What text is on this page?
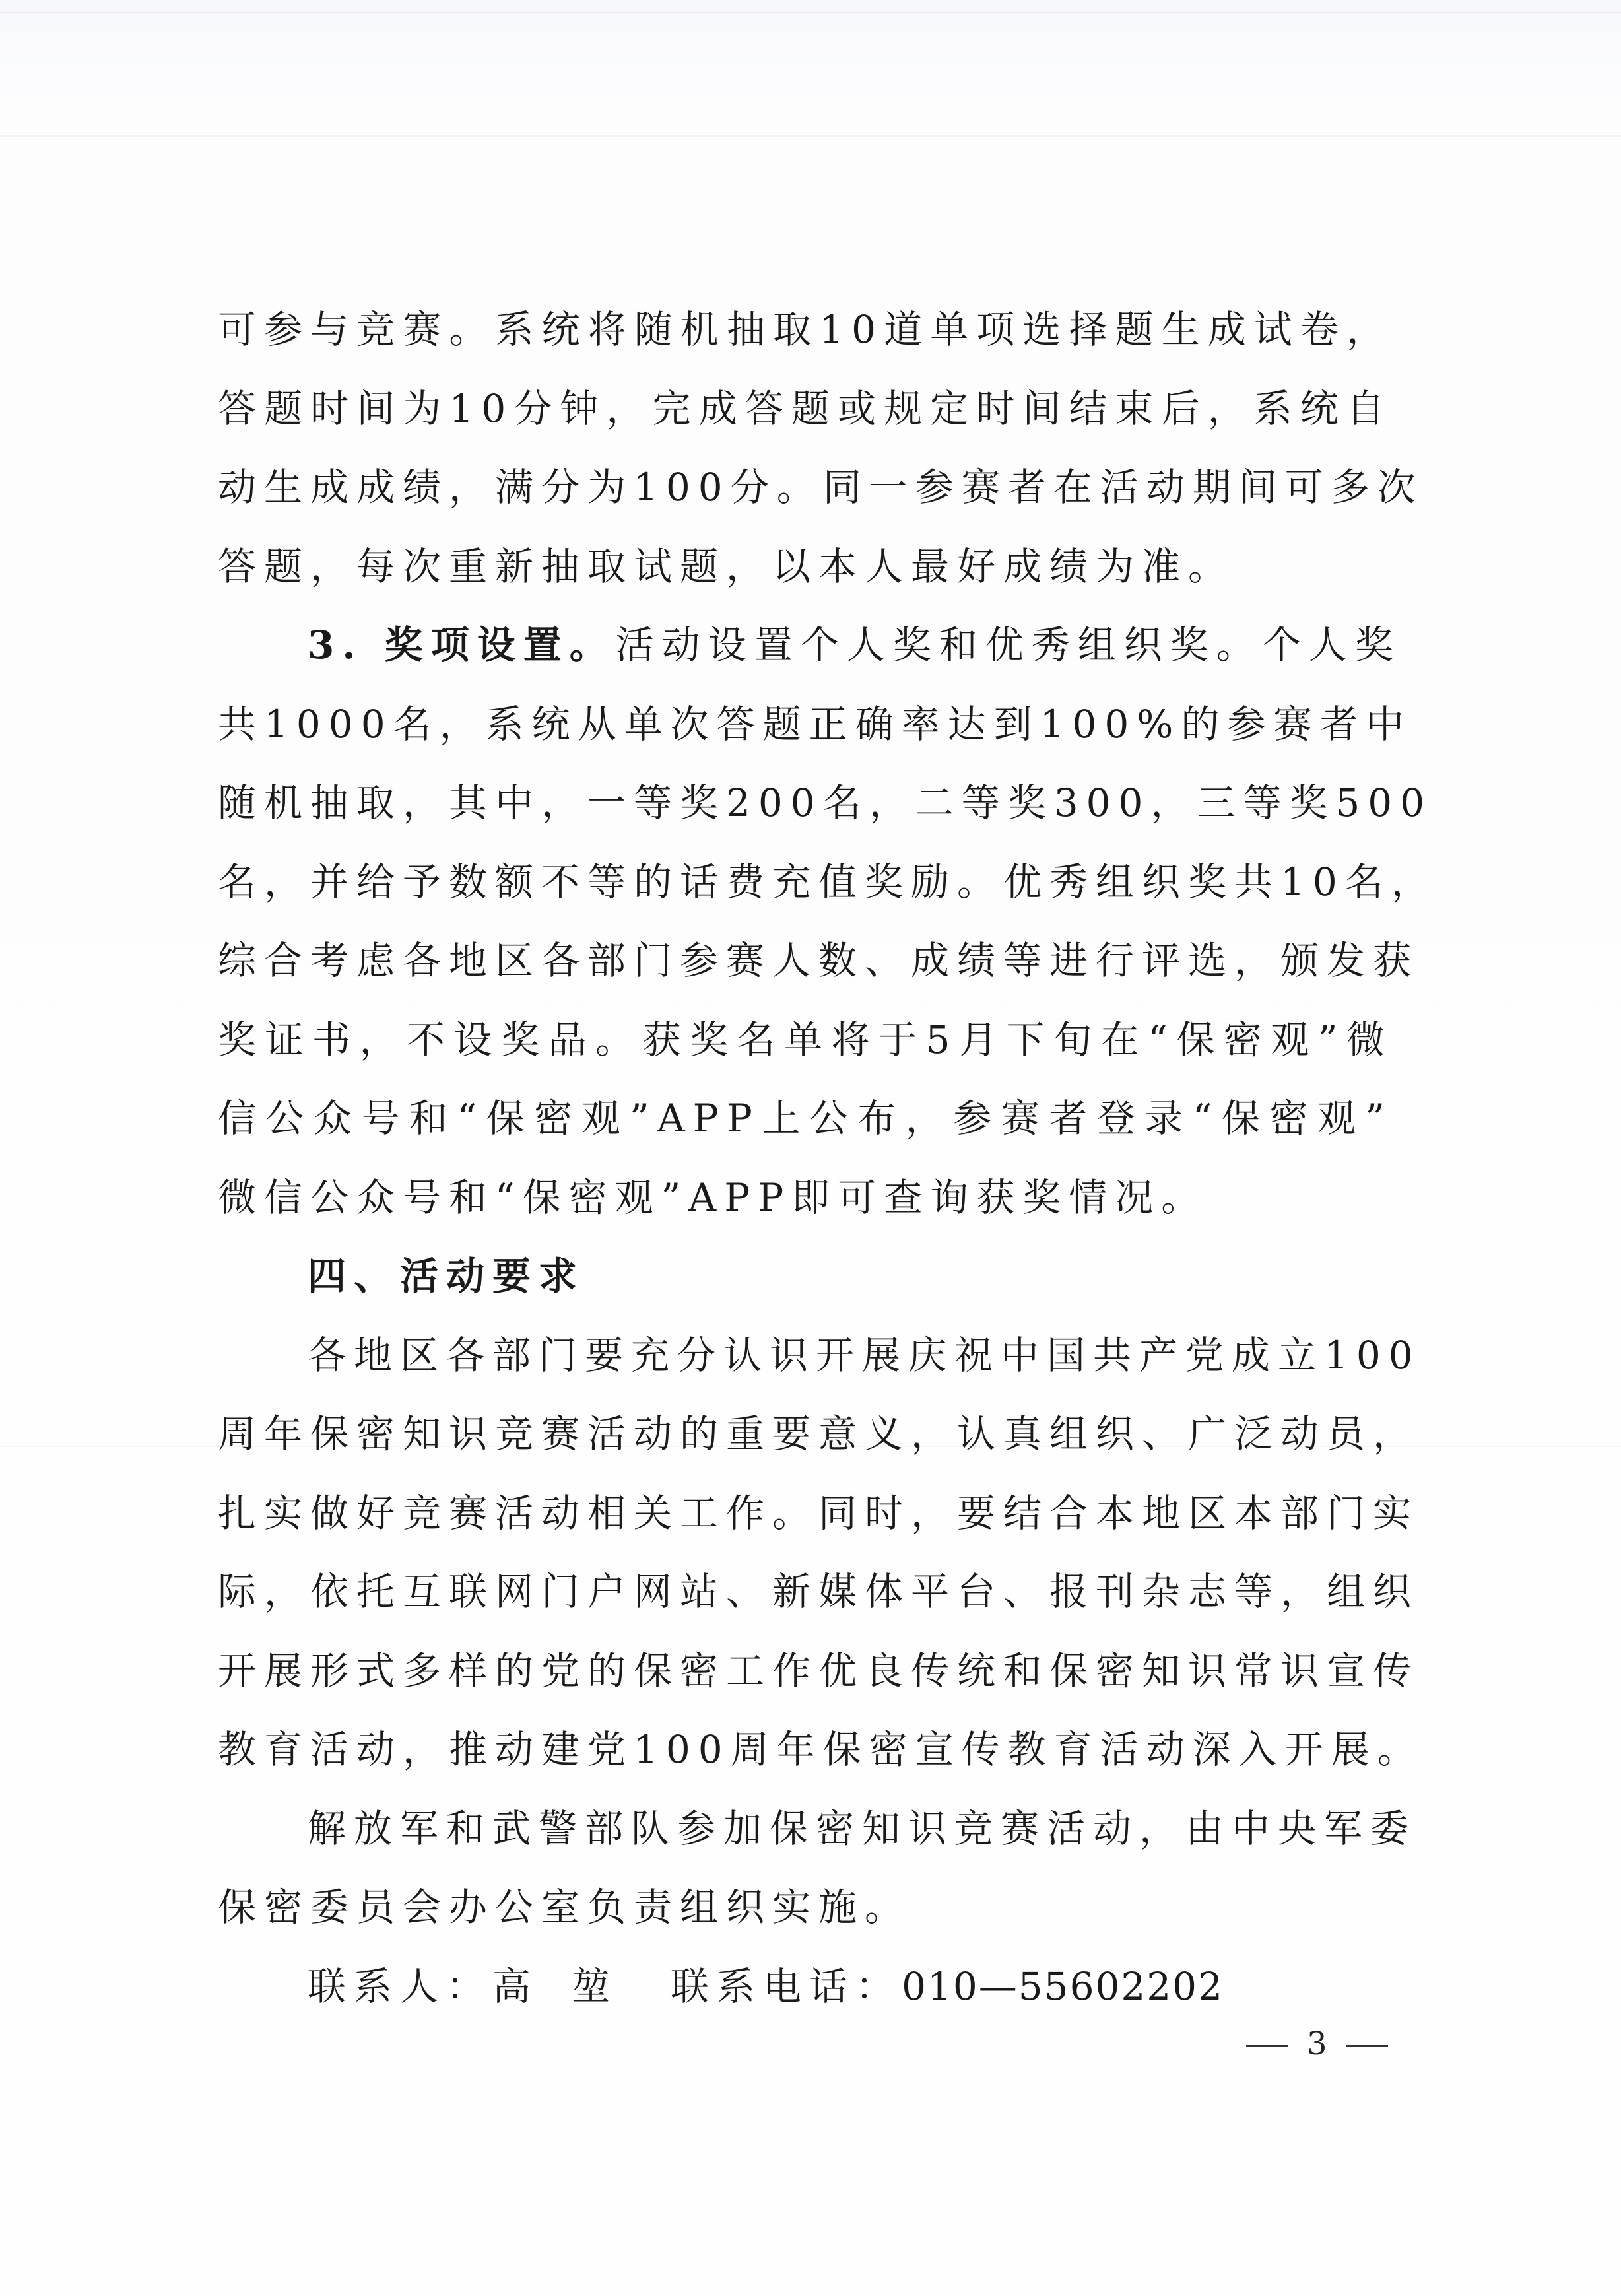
可参与竞赛。系统将随机抽取10道单项选择题生成试卷，
答题时间为10分钟，完成答题或规定时间结束后，系统自
动生成成绩，满分为100分。同一参赛者在活动期间可多次
答题，每次重新抽取试题，以本人最好成绩为准。
3. 奖项设置。活动设置个人奖和优秀组织奖。个人奖
共1000名，系统从单次答题正确率达到100%的参赛者中
随机抽取，其中，一等奖200名，二等奖300，三等奖500
名，并给予数额不等的话费充值奖励。优秀组织奖共10名，
综合考虑各地区各部门参赛人数、成绩等进行评选，颁发获
奖证书，不设奖品。获奖名单将于5月下旬在“保密观”微
信公众号和“保密观”APP上公布，参赛者登录“保密观”
微信公众号和“保密观”APP即可查询获奖情况。
四、活动要求
各地区各部门要充分认识开展庆祝中国共产党成立100
周年保密知识竞赛活动的重要意义，认真组织、广泛动员，
扎实做好竞赛活动相关工作。同时，要结合本地区本部门实
际，依托互联网门户网站、新媒体平台、报刊杂志等，组织
开展形式多样的党的保密工作优良传统和保密知识常识宣传
教育活动，推动建党100周年保密宣传教育活动深入开展。
解放军和武警部队参加保密知识竞赛活动，由中央军委
保密委员会办公室负责组织实施。
联系人：高 堃 联系电话：010—55602202
3
